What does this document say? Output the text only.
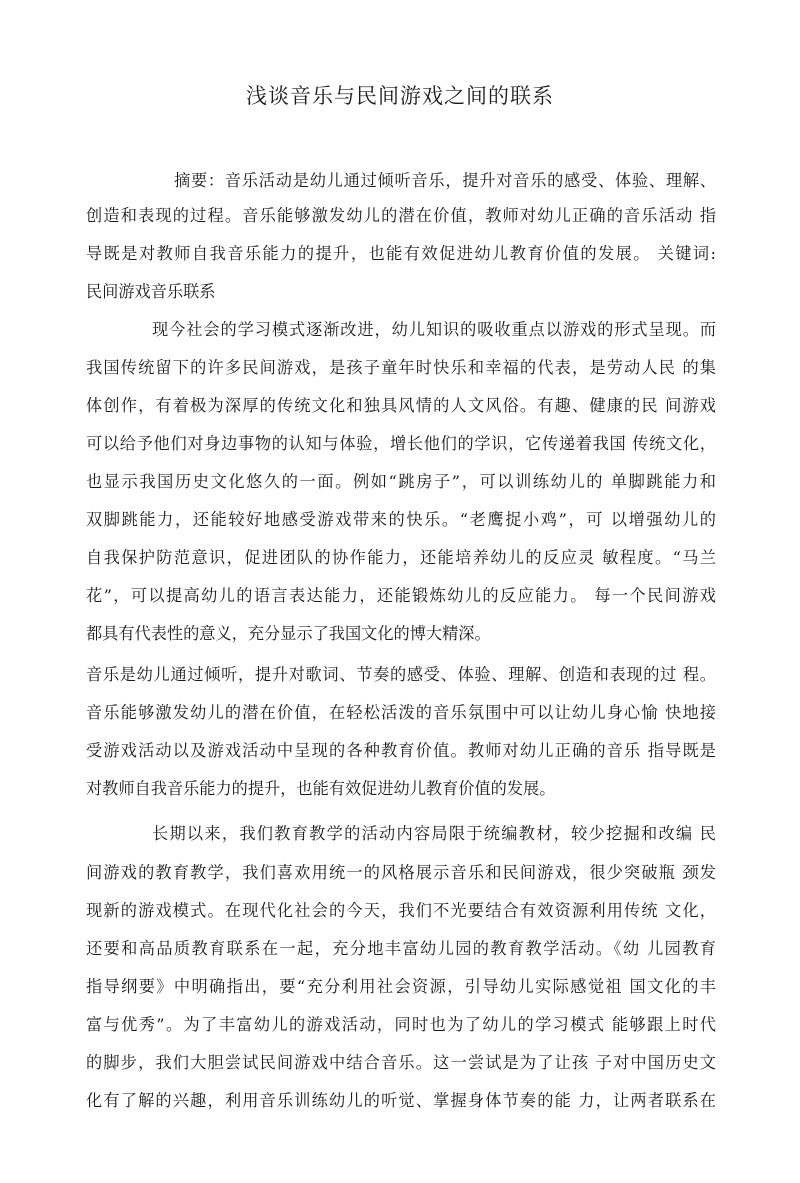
浅谈音乐与民间游戏之间的联系
摘要：音乐活动是幼儿通过倾听音乐，提升对音乐的感受、体验、理解、
创造和表现的过程。音乐能够激发幼儿的潜在价值，教师对幼儿正确的音乐活动 指
导既是对教师自我音乐能力的提升，也能有效促进幼儿教育价值的发展。 关键词:
民间游戏音乐联系
现今社会的学习模式逐渐改进，幼儿知识的吸收重点以游戏的形式呈现。而
我国传统留下的许多民间游戏，是孩子童年时快乐和幸福的代表，是劳动人民 的集
体创作，有着极为深厚的传统文化和独具风情的人文风俗。有趣、健康的民 间游戏
可以给予他们对身边事物的认知与体验，增长他们的学识，它传递着我国 传统文化，
也显示我国历史文化悠久的一面。例如“跳房子”，可以训练幼儿的 单脚跳能力和
双脚跳能力，还能较好地感受游戏带来的快乐。“老鹰捉小鸡”，可 以增强幼儿的
自我保护防范意识，促进团队的协作能力，还能培养幼儿的反应灵 敏程度。“马兰
花”，可以提高幼儿的语言表达能力，还能锻炼幼儿的反应能力。 每一个民间游戏
都具有代表性的意义，充分显示了我国文化的博大精深。
音乐是幼儿通过倾听，提升对歌词、节奏的感受、体验、理解、创造和表现的过 程。
音乐能够激发幼儿的潜在价值，在轻松活泼的音乐氛围中可以让幼儿身心愉 快地接
受游戏活动以及游戏活动中呈现的各种教育价值。教师对幼儿正确的音乐 指导既是
对教师自我音乐能力的提升，也能有效促进幼儿教育价值的发展。
长期以来，我们教育教学的活动内容局限于统编教材，较少挖掘和改编 民
间游戏的教育教学，我们喜欢用统一的风格展示音乐和民间游戏，很少突破瓶 颈发
现新的游戏模式。在现代化社会的今天，我们不光要结合有效资源利用传统 文化，
还要和高品质教育联系在一起，充分地丰富幼儿园的教育教学活动。《幼 儿园教育
指导纲要》中明确指出，要“充分利用社会资源，引导幼儿实际感觉祖 国文化的丰
富与优秀”。为了丰富幼儿的游戏活动，同时也为了幼儿的学习模式 能够跟上时代
的脚步，我们大胆尝试民间游戏中结合音乐。这一尝试是为了让孩 子对中国历史文
化有了解的兴趣，利用音乐训练幼儿的听觉、掌握身体节奏的能 力，让两者联系在
